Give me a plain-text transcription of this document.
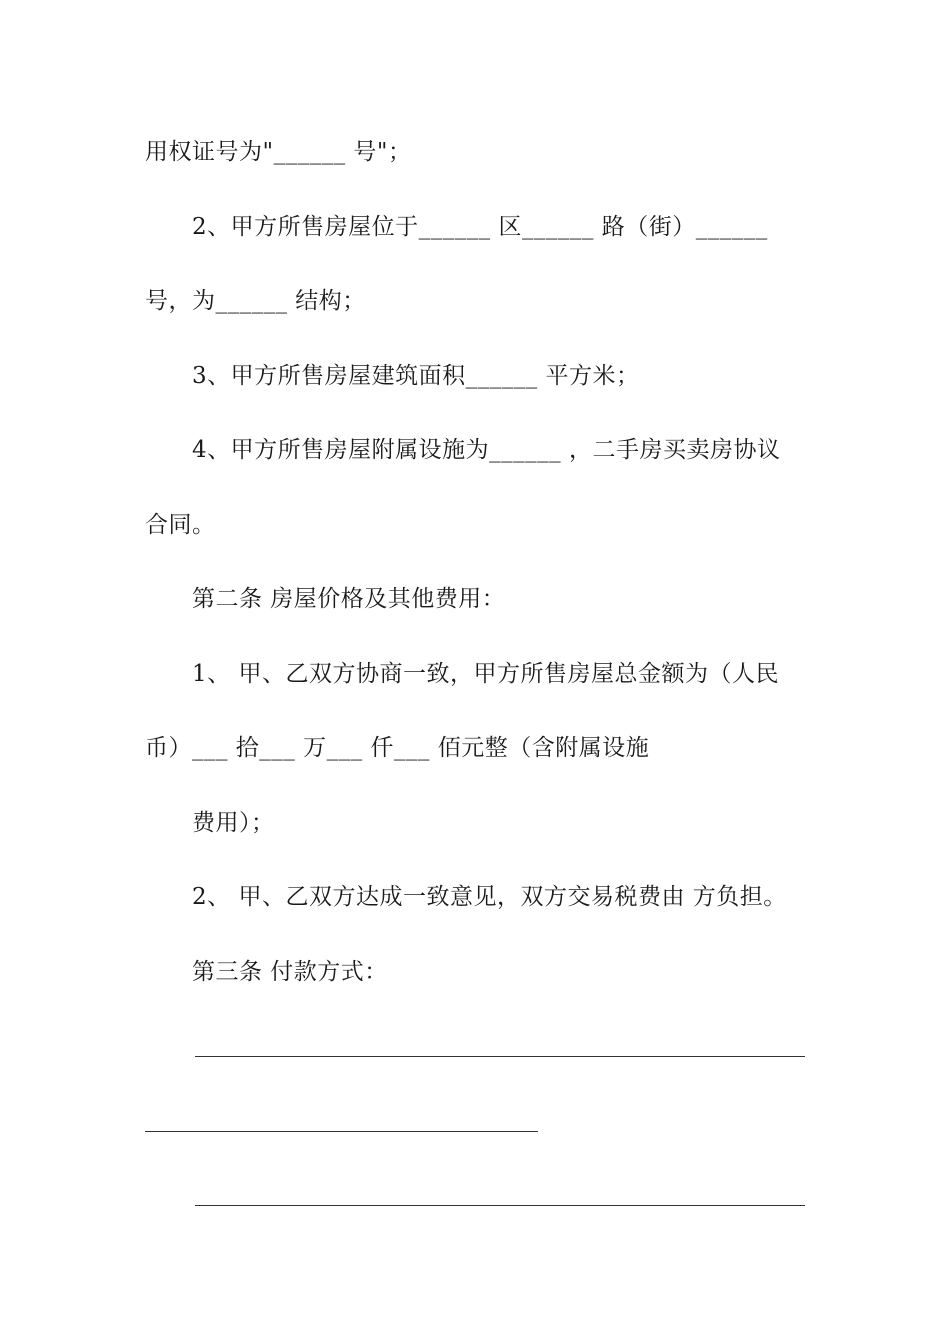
用权证号为"______ 号"；
2、甲方所售房屋位于______ 区______ 路（街）______
号，为______ 结构；
3、甲方所售房屋建筑面积______ 平方米；
4、甲方所售房屋附属设施为______ ，二手房买卖房协议
合同。
第二条 房屋价格及其他费用：
1、 甲、乙双方协商一致，甲方所售房屋总金额为（人民
币）___ 拾___ 万___ 仟___ 佰元整（含附属设施
费用）；
2、 甲、乙双方达成一致意见，双方交易税费由 方负担。
第三条 付款方式：
